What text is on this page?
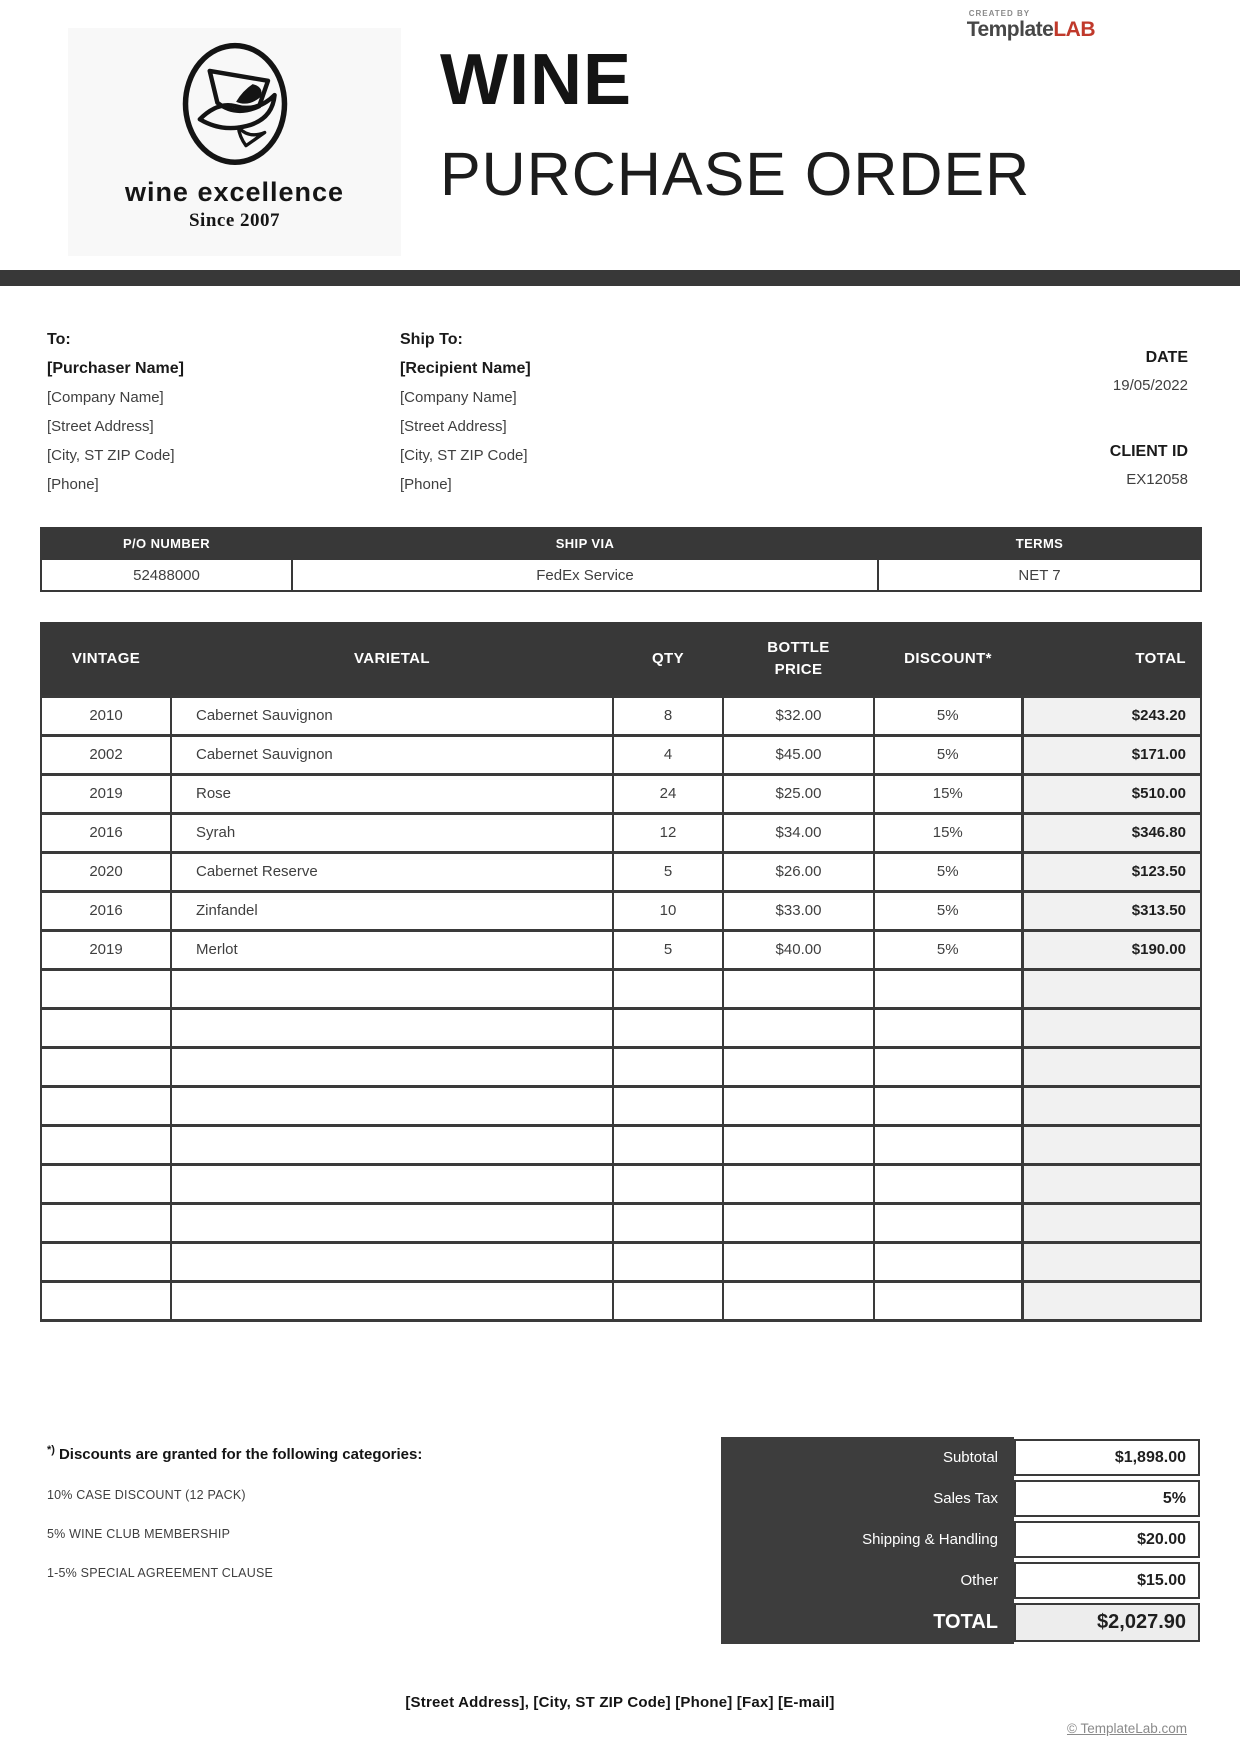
wine excellence
Since 2007
WINE
PURCHASE ORDER
CREATED BY
TemplateLAB
To:
[Purchaser Name]
[Company Name]
[Street Address]
[City, ST ZIP Code]
[Phone]
Ship To:
[Recipient Name]
[Company Name]
[Street Address]
[City, ST ZIP Code]
[Phone]
DATE
19/05/2022
CLIENT ID
EX12058
P/O NUMBER	SHIP VIA	TERMS
52488000	FedEx Service	NET 7
VINTAGE	VARIETAL	QTY	BOTTLE PRICE	DISCOUNT*	TOTAL
2010	Cabernet Sauvignon	8	$32.00	5%	$243.20
2002	Cabernet Sauvignon	4	$45.00	5%	$171.00
2019	Rose	24	$25.00	15%	$510.00
2016	Syrah	12	$34.00	15%	$346.80
2020	Cabernet Reserve	5	$26.00	5%	$123.50
2016	Zinfandel	10	$33.00	5%	$313.50
2019	Merlot	5	$40.00	5%	$190.00

*) Discounts are granted for the following categories:
10% CASE DISCOUNT (12 PACK)
5% WINE CLUB MEMBERSHIP
1-5% SPECIAL AGREEMENT CLAUSE
Subtotal	$1,898.00
Sales Tax	5%
Shipping & Handling	$20.00
Other	$15.00
TOTAL	$2,027.90
[Street Address], [City, ST ZIP Code] [Phone] [Fax] [E-mail]
© TemplateLab.com
